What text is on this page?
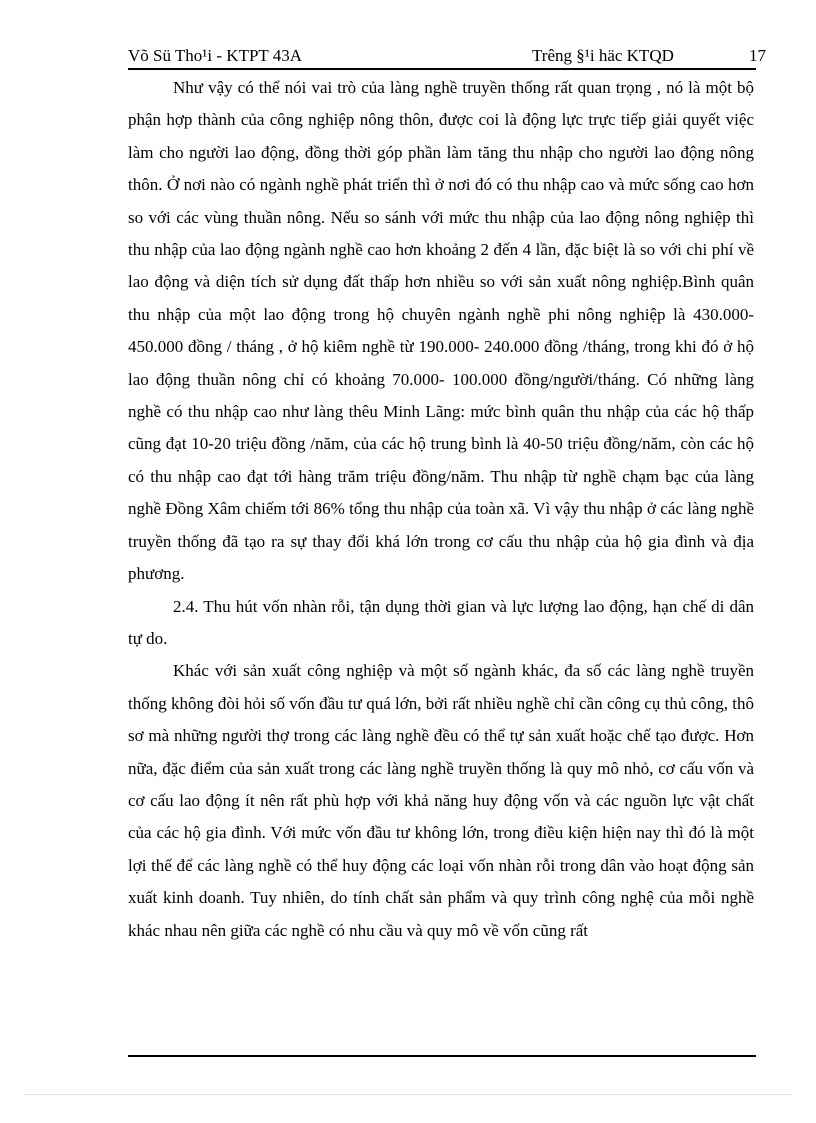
Võ Sü Tho¹i - KTPT 43A	Trêng §¹i häc KTQD	17

Như vậy có thể nói vai trò của làng nghề truyền thống rất quan trọng , nó là một bộ phận hợp thành của công nghiệp nông thôn, được coi là động lực trực tiếp giải quyết việc làm cho người lao động, đồng thời góp phần làm tăng thu nhập cho người lao động nông thôn. Ở nơi nào có ngành nghề phát triển thì ở nơi đó có thu nhập cao và mức sống cao hơn so với các vùng thuần nông. Nếu so sánh với mức thu nhập của lao động nông nghiệp thì thu nhập của lao động ngành nghề cao hơn khoảng 2 đến 4 lần, đặc biệt là so với chi phí về lao động và diện tích sử dụng đất thấp hơn nhiều so với sản xuất nông nghiệp.Bình quân thu nhập của một lao động trong hộ chuyên ngành nghề phi nông nghiệp là 430.000- 450.000 đồng / tháng , ở hộ kiêm nghề từ 190.000- 240.000 đồng /tháng, trong khi đó ở hộ lao động thuần nông chỉ có khoảng 70.000- 100.000 đồng/người/tháng. Có những làng nghề có thu nhập cao như làng thêu Minh Lãng: mức bình quân thu nhập của các hộ thấp cũng đạt 10-20 triệu đồng /năm, của các hộ trung bình là 40-50 triệu đồng/năm, còn các hộ có thu nhập cao đạt tới hàng trăm triệu đồng/năm. Thu nhập từ nghề chạm bạc của làng nghề Đồng Xâm chiếm tới 86% tổng thu nhập của toàn xã. Vì vậy thu nhập ở các làng nghề truyền thống đã tạo ra sự thay đổi khá lớn trong cơ cấu thu nhập của hộ gia đình và địa phương.

2.4. Thu hút vốn nhàn rỗi, tận dụng thời gian và lực lượng lao động, hạn chế di dân tự do.

Khác với sản xuất công nghiệp và một số ngành khác, đa số các làng nghề truyền thống không đòi hỏi số vốn đầu tư quá lớn, bởi rất nhiều nghề chỉ cần công cụ thủ công, thô sơ mà những người thợ trong các làng nghề đều có thể tự sản xuất hoặc chế tạo được. Hơn nữa, đặc điểm của sản xuất trong các làng nghề truyền thống là quy mô nhỏ, cơ cấu vốn và cơ cấu lao động ít nên rất phù hợp với khả năng huy động vốn và các nguồn lực vật chất của các hộ gia đình. Với mức vốn đầu tư không lớn, trong điều kiện hiện nay thì đó là một lợi thế để các làng nghề có thể huy động các loại vốn nhàn rỗi trong dân vào hoạt động sản xuất kinh doanh. Tuy nhiên, do tính chất sản phẩm và quy trình công nghệ của mỗi nghề khác nhau nên giữa các nghề có nhu cầu và quy mô về vốn cũng rất
